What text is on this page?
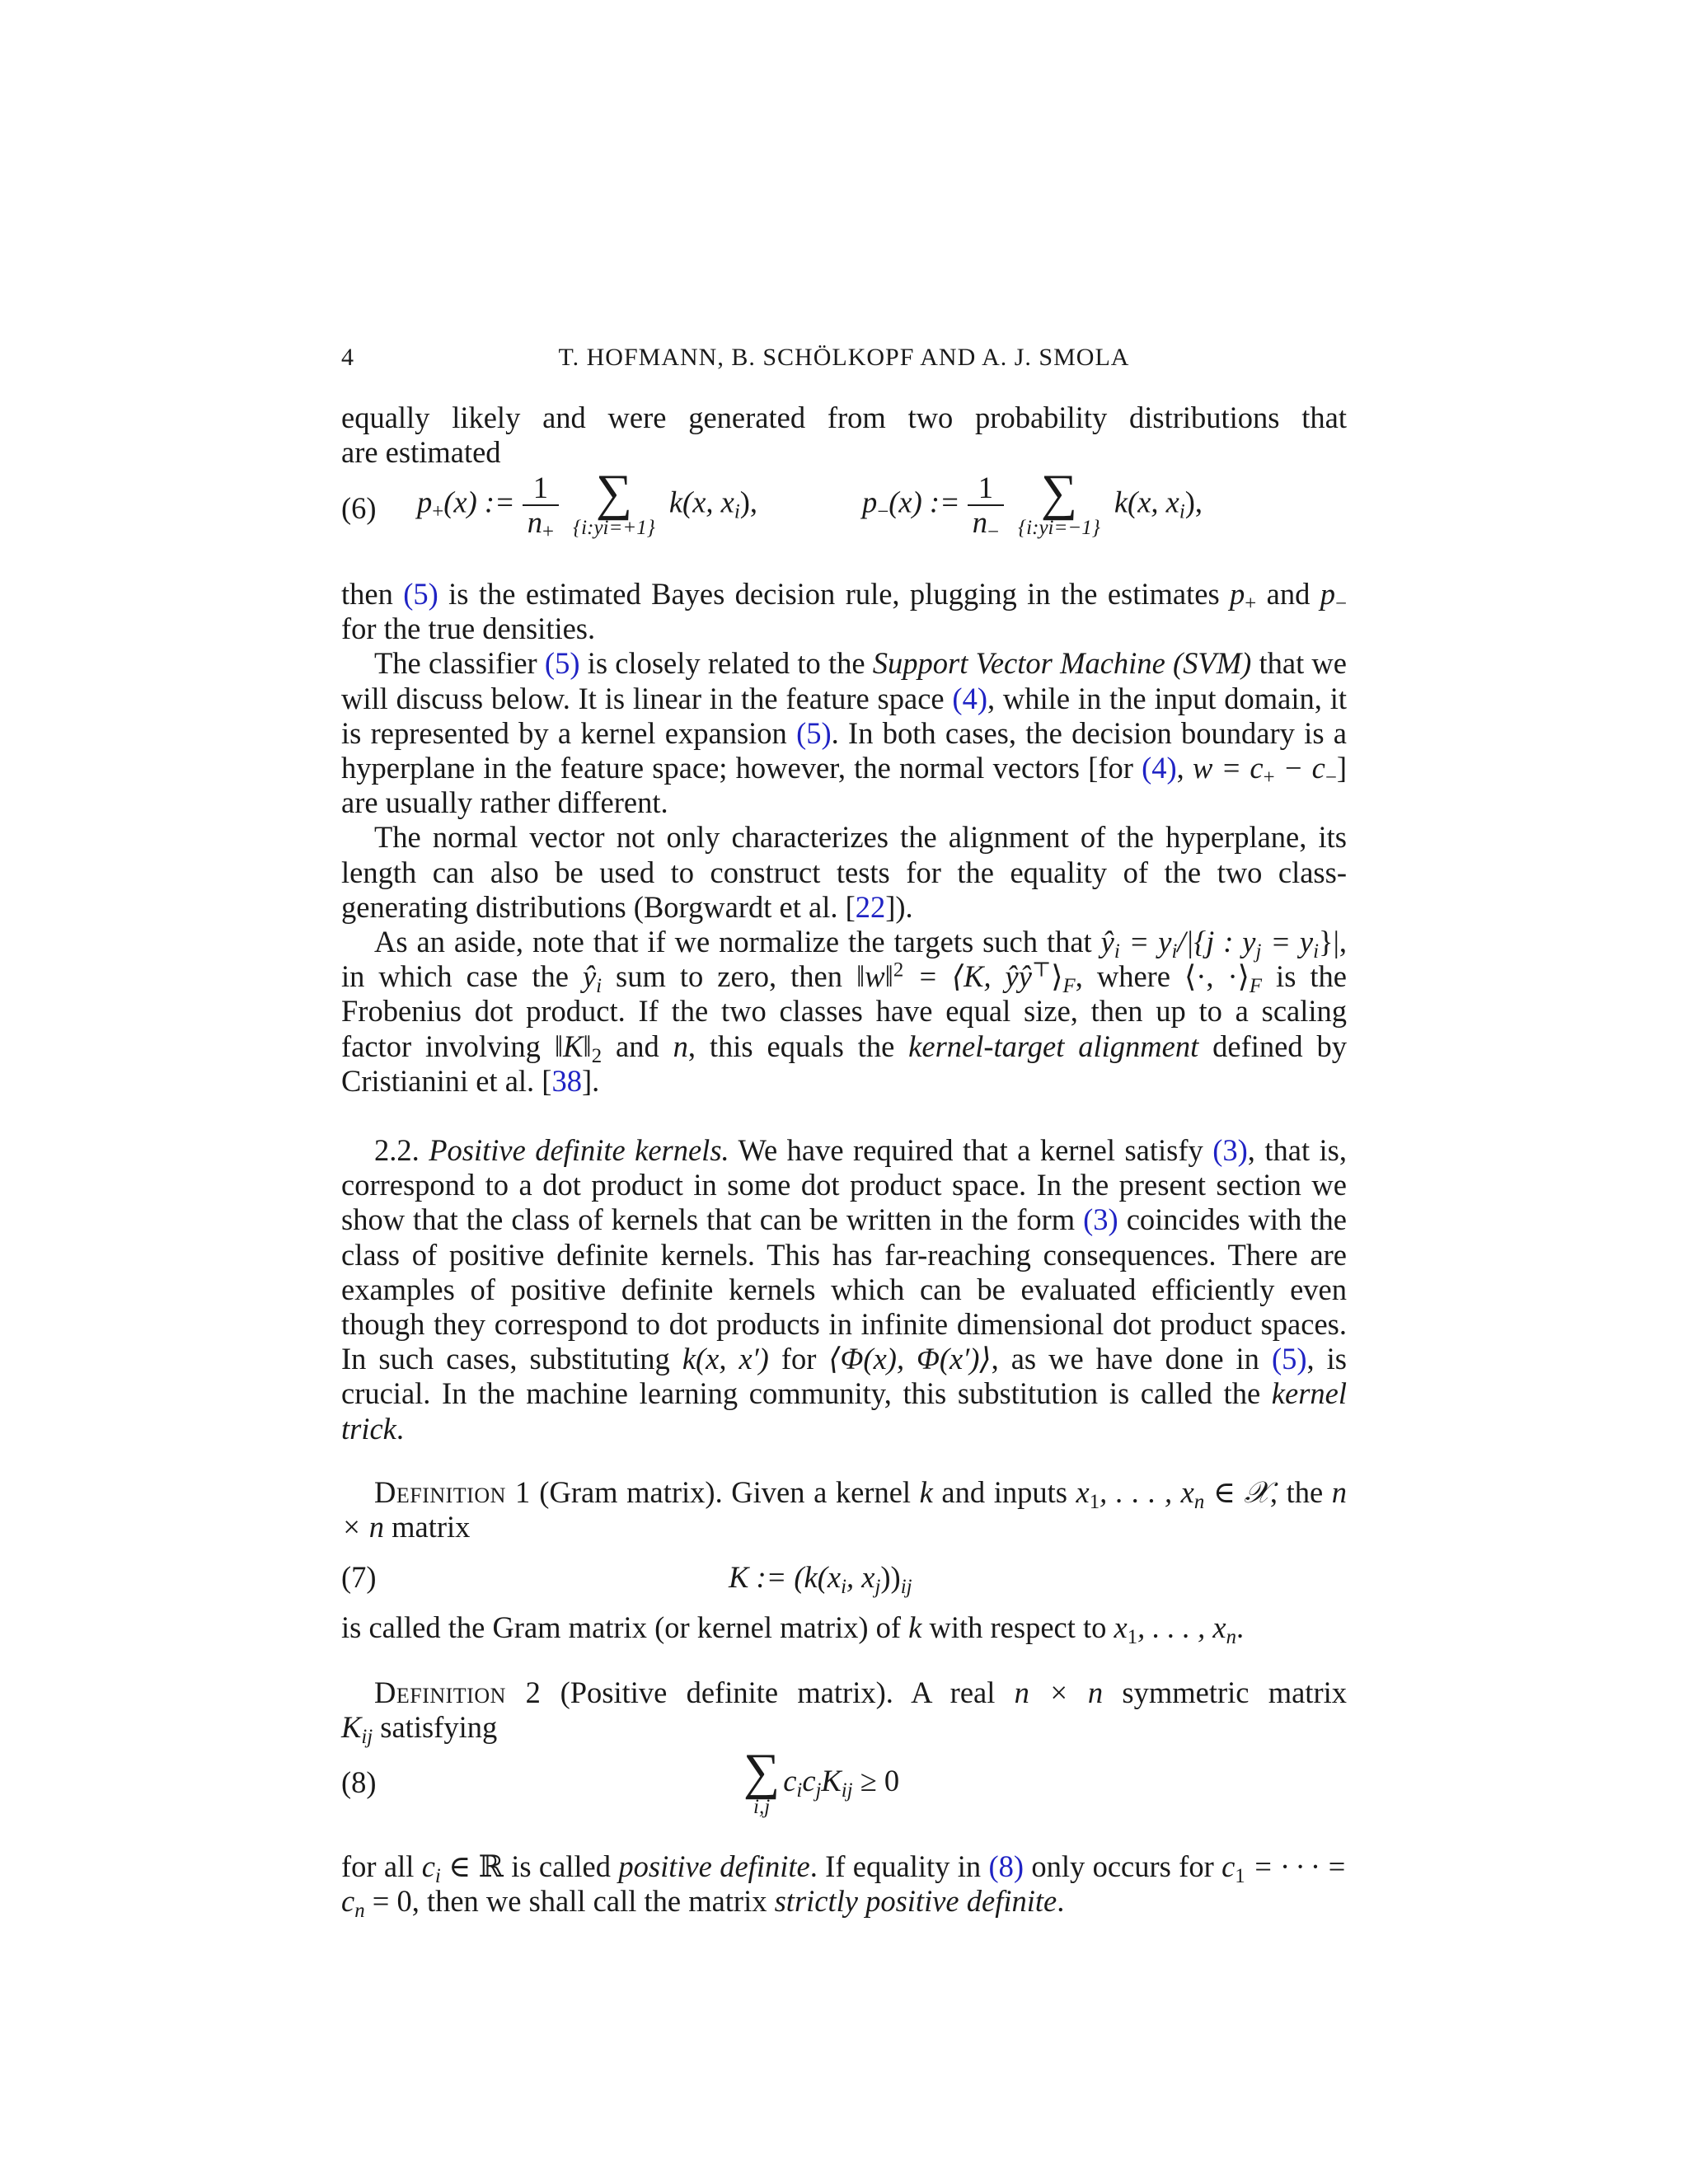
4	T. HOFMANN, B. SCHÖLKOPF AND A. J. SMOLA

equally likely and were generated from two probability distributions that

are estimated

(6) $p_+(x)$ := $\frac{1}{n_+}$
∑
{i:yi=+1}
k(x, $x_i$),	$p_-(x)$ := $\frac{1}{n_-}$
∑
{i:yi=−1}
k(x, $x_i$),

then (5) is the estimated Bayes decision rule, plugging in the estimates $p_+$ and $p_-$ for the true densities.

The classifier (5) is closely related to the Support Vector Machine (SVM) that we will discuss below. It is linear in the feature space (4), while in the input domain, it is represented by a kernel expansion (5). In both cases, the decision boundary is a hyperplane in the feature space; however, the normal vectors [for (4), $w = c_+ - c_-$] are usually rather different.

The normal vector not only characterizes the alignment of the hyperplane, its length can also be used to construct tests for the equality of the two class-generating distributions (Borgwardt et al. [22]).

As an aside, note that if we normalize the targets such that $ŷ_i = y_i/|\{j$ : $y_j = y_i\}|$, in which case the $ŷ_i$ sum to zero, then ‖w‖$^2$ = ⟨K, $ŷŷ^⊤⟩_F$, where ⟨·, $\cdot⟩_F$ is the Frobenius dot product. If the two classes have equal size, then up to a scaling factor involving $‖K‖_2$ and n, this equals the kernel-target alignment defined by Cristianini et al. [38].

2.2. Positive definite kernels. We have required that a kernel satisfy (3), that is, correspond to a dot product in some dot product space. In the present section we show that the class of kernels that can be written in the form (3) coincides with the class of positive definite kernels. This has far-reaching consequences. There are examples of positive definite kernels which can be evaluated efficiently even though they correspond to dot products in infinite dimensional dot product spaces. In such cases, substituting k(x, x′) for ⟨Φ(x), Φ(x′)⟩, as we have done in (5), is crucial. In the machine learning community, this substitution is called the kernel trick.

Definition 1 (Gram matrix). Given a kernel k and inputs $x_1$, . . . , $x_n$ ∈ 𝒳, the n × n matrix

(7)	K := ($k(x_i$, $x_j))_{ij}$

is called the Gram matrix (or kernel matrix) of k with respect to $x_1$, . . . , $x_n$.

Definition 2 (Positive definite matrix). A real n × n symmetric matrix

$K_{ij}$ satisfying

(8)	∑
i,j
$c_ic_jK_{ij} \ge 0$

for all $c_i$ ∈ ℝ is called positive definite. If equality in (8) only occurs for $c_1$ = · · · = $c_n = 0$, then we shall call the matrix strictly positive definite.
